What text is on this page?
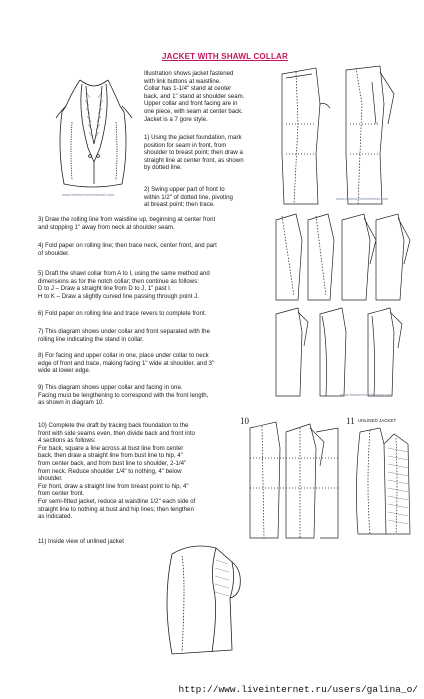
JACKET WITH SHAWL COLLAR
www.fashionfromtheeast.com
Illustration shows jacket fastened
with link buttons at waistline.
Collar has 1-1/4" stand at center
back, and 1" stand at shoulder seam.
Upper collar and front facing are in
one piece, with seam at center back.
Jacket is a 7 gore style.
1) Using the jacket foundation, mark
position for seam in front, from
shoulder to breast point; then draw a
straight line at center front, as shown
by dotted line.
2) Swing upper part of front to
within 1/2" of dotted line, pivoting
at breast point; then trace.
3) Draw the rolling line from waistline up, beginning at center front
and stopping 1" away from neck at shoulder seam.
4) Fold paper on rolling line; then trace neck, center front, and part
of shoulder.
5) Draft the shawl collar from A to I, using the same method and
dimensions as for the notch collar; then continue as follows:
D to J – Draw a straight line from D to J, 1" past I.
H to K – Draw a slightly curved line passing through point J.
6) Fold paper on rolling line and trace revers to complete front.
7) This diagram shows under collar and front separated with the
rolling line indicating the stand in collar.
8) For facing and upper collar in one, place under collar to neck
edge of front and trace, making facing 1" wide at shoulder, and 3"
wide at lower edge.
9) This diagram shows upper collar and facing in one.
Facing must be lengthening to correspond with the front length,
as shown in diagram 10.
10) Complete the draft by tracing back foundation to the
front with side seams even, then divide back and front into
4 sections as follows:
For back, square a line across at bust line from center
back, then draw a straight line from bust line to hip, 4"
from center back, and from bust line to shoulder, 2-1/4"
from neck. Reduce shoulder 1/4" to nothing, 4" below
shoulder.
For front, draw a straight line from breast point to hip, 4"
from center front.
For semi-fitted jacket, reduce at waistline 1/2" each side of
straight line to nothing at bust and hip lines; then lengthen
as indicated.
11) Inside view of unlined jacket
www.fashionfromtheeast.com
www.fashionfromtheeast.com
10	11 UNLINED JACKET
http://www.liveinternet.ru/users/galina_o/
